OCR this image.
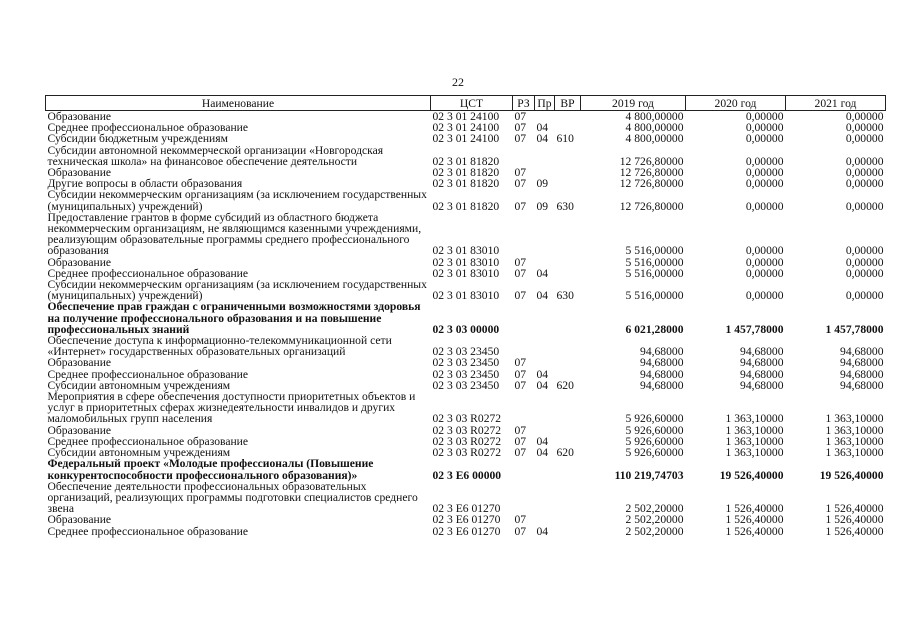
22
Наименование	ЦСТ	РЗ	Пр	ВР	2019 год	2020 год	2021 год
Образование	02 3 01 24100	07			4 800,00000	0,00000	0,00000
Среднее профессиональное образование	02 3 01 24100	07	04		4 800,00000	0,00000	0,00000
Субсидии бюджетным учреждениям	02 3 01 24100	07	04	610	4 800,00000	0,00000	0,00000
Субсидии автономной некоммерческой организации «Новгородская техническая школа» на финансовое обеспечение деятельности	02 3 01 81820				12 726,80000	0,00000	0,00000
Образование	02 3 01 81820	07			12 726,80000	0,00000	0,00000
Другие вопросы в области образования	02 3 01 81820	07	09		12 726,80000	0,00000	0,00000
Субсидии некоммерческим организациям (за исключением государственных (муниципальных) учреждений)	02 3 01 81820	07	09	630	12 726,80000	0,00000	0,00000
Предоставление грантов в форме субсидий из областного бюджета некоммерческим организациям, не являющимся казенными учреждениями, реализующим образовательные программы среднего профессионального образования	02 3 01 83010				5 516,00000	0,00000	0,00000
Образование	02 3 01 83010	07			5 516,00000	0,00000	0,00000
Среднее профессиональное образование	02 3 01 83010	07	04		5 516,00000	0,00000	0,00000
Субсидии некоммерческим организациям (за исключением государственных (муниципальных) учреждений)	02 3 01 83010	07	04	630	5 516,00000	0,00000	0,00000
Обеспечение прав граждан с ограниченными возможностями здоровья на получение профессионального образования и на повышение профессиональных знаний	02 3 03 00000				6 021,28000	1 457,78000	1 457,78000
Обеспечение доступа к информационно-телекоммуникационной сети «Интернет» государственных образовательных организаций	02 3 03 23450				94,68000	94,68000	94,68000
Образование	02 3 03 23450	07			94,68000	94,68000	94,68000
Среднее профессиональное образование	02 3 03 23450	07	04		94,68000	94,68000	94,68000
Субсидии автономным учреждениям	02 3 03 23450	07	04	620	94,68000	94,68000	94,68000
Мероприятия в сфере обеспечения доступности приоритетных объектов и услуг в приоритетных сферах жизнедеятельности инвалидов и других маломобильных групп населения	02 3 03 R0272				5 926,60000	1 363,10000	1 363,10000
Образование	02 3 03 R0272	07			5 926,60000	1 363,10000	1 363,10000
Среднее профессиональное образование	02 3 03 R0272	07	04		5 926,60000	1 363,10000	1 363,10000
Субсидии автономным учреждениям	02 3 03 R0272	07	04	620	5 926,60000	1 363,10000	1 363,10000
Федеральный проект «Молодые профессионалы (Повышение конкурентоспособности профессионального образования)»	02 3 E6 00000				110 219,74703	19 526,40000	19 526,40000
Обеспечение деятельности профессиональных образовательных организаций, реализующих программы подготовки специалистов среднего звена	02 3 E6 01270				2 502,20000	1 526,40000	1 526,40000
Образование	02 3 E6 01270	07			2 502,20000	1 526,40000	1 526,40000
Среднее профессиональное образование	02 3 E6 01270	07	04		2 502,20000	1 526,40000	1 526,40000
